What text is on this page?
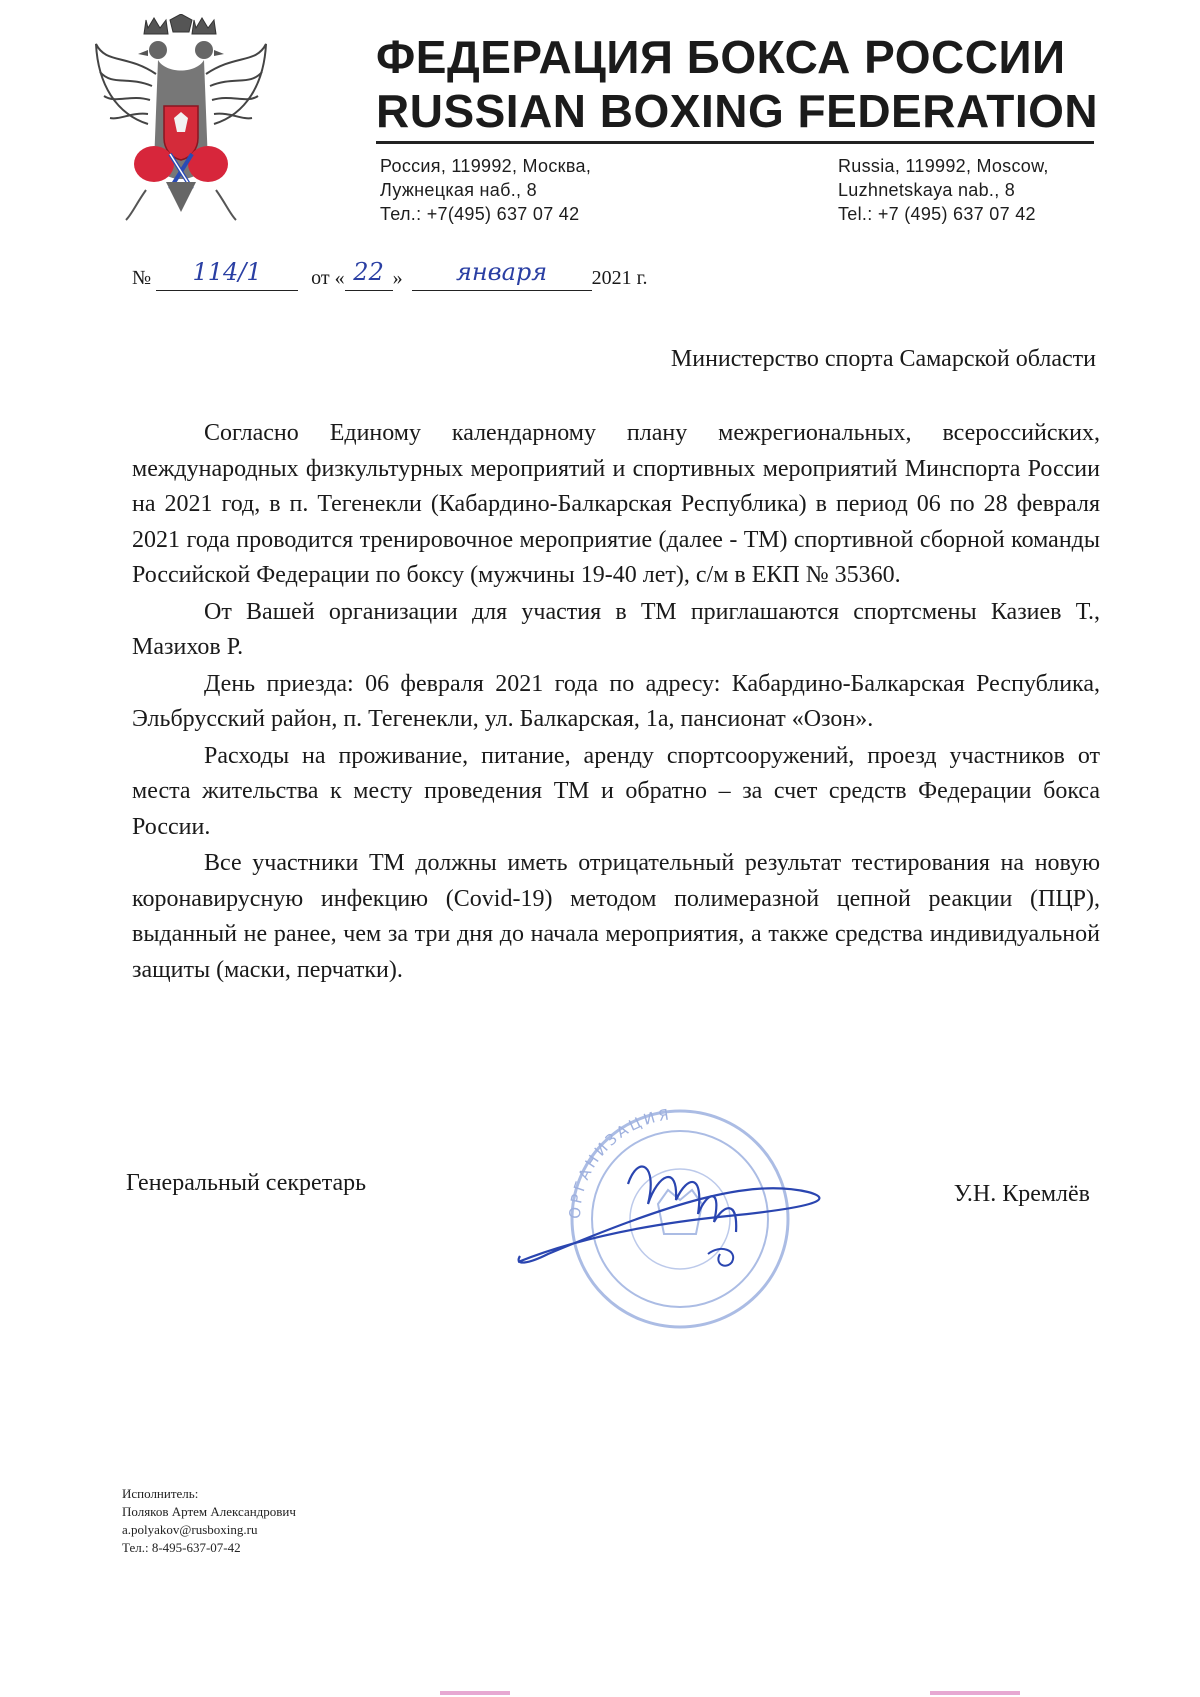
ФЕДЕРАЦИЯ БОКСА РОССИИ
RUSSIAN BOXING FEDERATION
Россия, 119992, Москва,
Лужнецкая наб., 8
Тел.: +7(495) 637 07 42
Russia, 119992, Moscow,
Luzhnetskaya nab., 8
Tel.: +7 (495) 637 07 42
№ 114/1 от « 22 » января 2021 г.
Министерство спорта Самарской области

Согласно Единому календарному плану межрегиональных, всероссийских, международных физкультурных мероприятий и спортивных мероприятий Минспорта России на 2021 год, в п. Тегенекли (Кабардино-Балкарская Республика) в период 06 по 28 февраля 2021 года проводится тренировочное мероприятие (далее - ТМ) спортивной сборной команды Российской Федерации по боксу (мужчины 19-40 лет), с/м в ЕКП № 35360.

От Вашей организации для участия в ТМ приглашаются спортсмены Казиев Т., Мазихов Р.

День приезда: 06 февраля 2021 года по адресу: Кабардино-Балкарская Республика, Эльбрусский район, п. Тегенекли, ул. Балкарская, 1а, пансионат «Озон».

Расходы на проживание, питание, аренду спортсооружений, проезд участников от места жительства к месту проведения ТМ и обратно – за счет средств Федерации бокса России.

Все участники ТМ должны иметь отрицательный результат тестирования на новую коронавирусную инфекцию (Covid-19) методом полимеразной цепной реакции (ПЦР), выданный не ранее, чем за три дня до начала мероприятия, а также средства индивидуальной защиты (маски, перчатки).

Генеральный секретарь
ОРГАНИЗАЦИЯ
У.Н. Кремлёв
Исполнитель:
Поляков Артем Александрович
a.polyakov@rusboxing.ru
Тел.: 8-495-637-07-42
